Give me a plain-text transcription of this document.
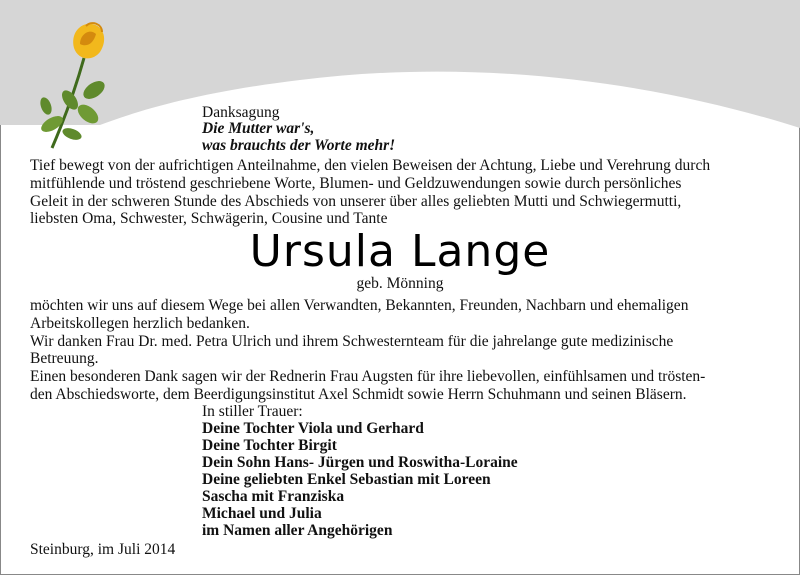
Danksagung
Die Mutter war's,
was brauchts der Worte mehr!
Tief bewegt von der aufrichtigen Anteilnahme, den vielen Beweisen der Achtung, Liebe und Verehrung durch
mitfühlende und tröstend geschriebene Worte, Blumen- und Geldzuwendungen sowie durch persönliches
Geleit in der schweren Stunde des Abschieds von unserer über alles geliebten Mutti und Schwiegermutti,
liebsten Oma, Schwester, Schwägerin, Cousine und Tante
Ursula Lange
geb. Mönning
möchten wir uns auf diesem Wege bei allen Verwandten, Bekannten, Freunden, Nachbarn und ehemaligen
Arbeitskollegen herzlich bedanken.
Wir danken Frau Dr. med. Petra Ulrich und ihrem Schwesternteam für die jahrelange gute medizinische
Betreuung.
Einen besonderen Dank sagen wir der Rednerin Frau Augsten für ihre liebevollen, einfühlsamen und trösten-
den Abschiedsworte, dem Beerdigungsinstitut Axel Schmidt sowie Herrn Schuhmann und seinen Bläsern.
In stiller Trauer:
Deine Tochter Viola und Gerhard
Deine Tochter Birgit
Dein Sohn Hans- Jürgen und Roswitha-Loraine
Deine geliebten Enkel Sebastian mit Loreen
Sascha mit Franziska
Michael und Julia
im Namen aller Angehörigen
Steinburg, im Juli 2014
